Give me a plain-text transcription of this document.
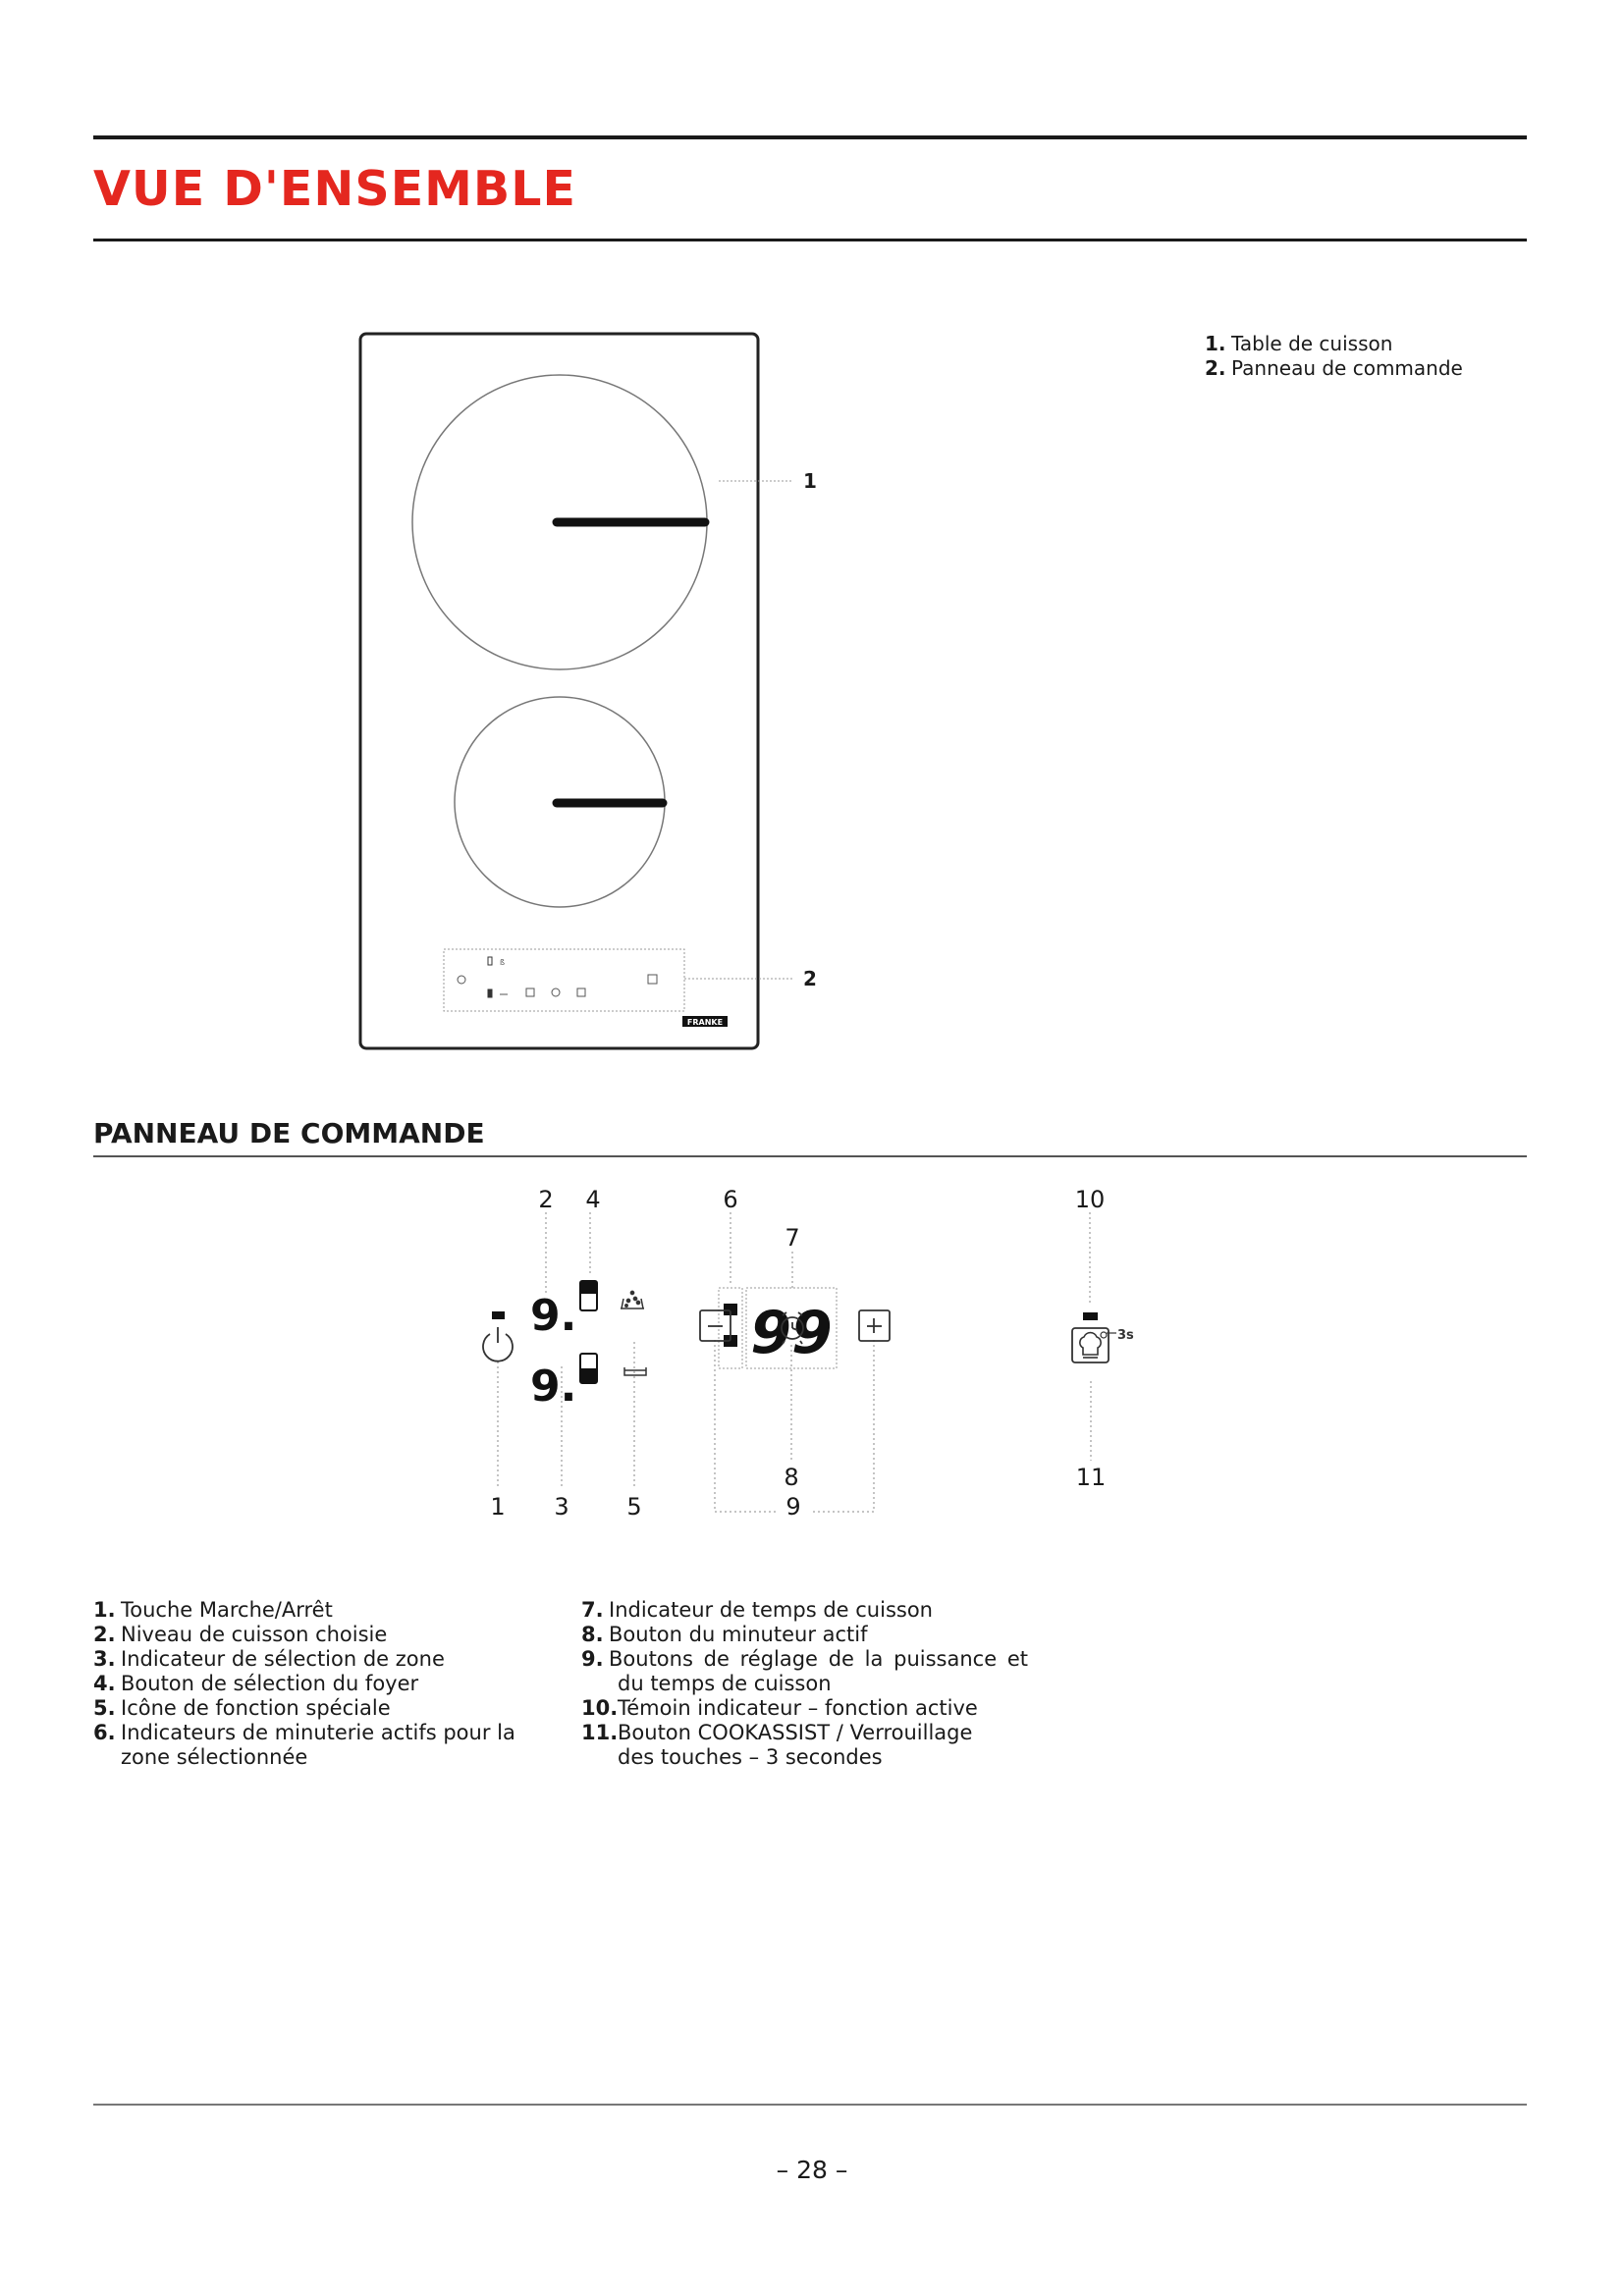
VUE D'ENSEMBLE
ß
FRANKE
1
2
1. Table de cuisson
2. Panneau de commande
PANNEAU DE COMMANDE
2 4	6
7
10
1 3 5
8
9
11
9.
9.
99	3s
1. Touche Marche/Arrêt
2. Niveau de cuisson choisie
3. Indicateur de sélection de zone
4. Bouton de sélection du foyer
5. Icône de fonction spéciale
6. Indicateurs de minuterie actifs pour la zone sélectionnée
7. Indicateur de temps de cuisson
8. Bouton du minuteur actif
9. Boutons de réglage de la puissance et du temps de cuisson
10. Témoin indicateur – fonction active
11. Bouton COOKASSIST / Verrouillage des touches – 3 secondes
– 28 –
